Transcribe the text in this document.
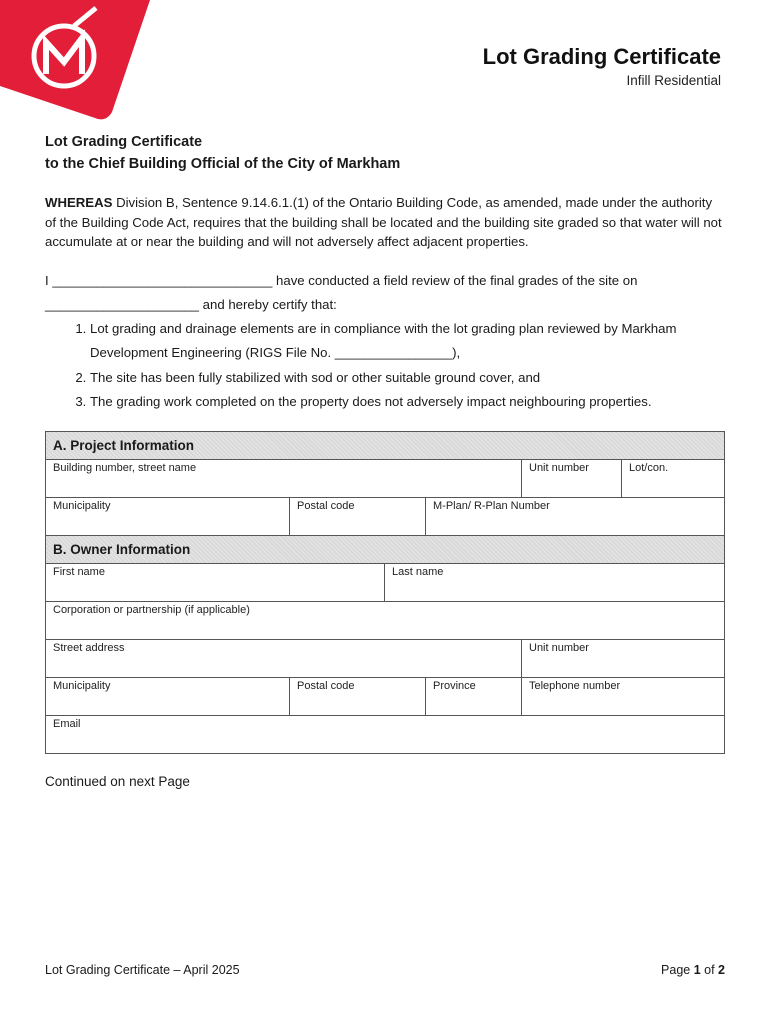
Lot Grading Certificate
Infill Residential

Lot Grading Certificate

to the Chief Building Official of the City of Markham

WHEREAS Division B, Sentence 9.14.6.1.(1) of the Ontario Building Code, as amended, made under the authority of the Building Code Act, requires that the building shall be located and the building site graded so that water will not accumulate at or near the building and will not adversely affect adjacent properties.

I ______________________________ have conducted a field review of the final grades of the site on
_____________________ and hereby certify that:
1. Lot grading and drainage elements are in compliance with the lot grading plan reviewed by Markham Development Engineering (RIGS File No. ________________),
2. The site has been fully stabilized with sod or other suitable ground cover, and
3. The grading work completed on the property does not adversely impact neighbouring properties.
A. Project Information
Building number, street name	Unit number	Lot/con.
Municipality	Postal code	M-Plan/ R-Plan Number
B. Owner Information
First name	Last name
Corporation or partnership (if applicable)
Street address	Unit number
Municipality	Postal code	Province	Telephone number
Email

Continued on next Page

Lot Grading Certificate – April 2025	Page 1 of 2
